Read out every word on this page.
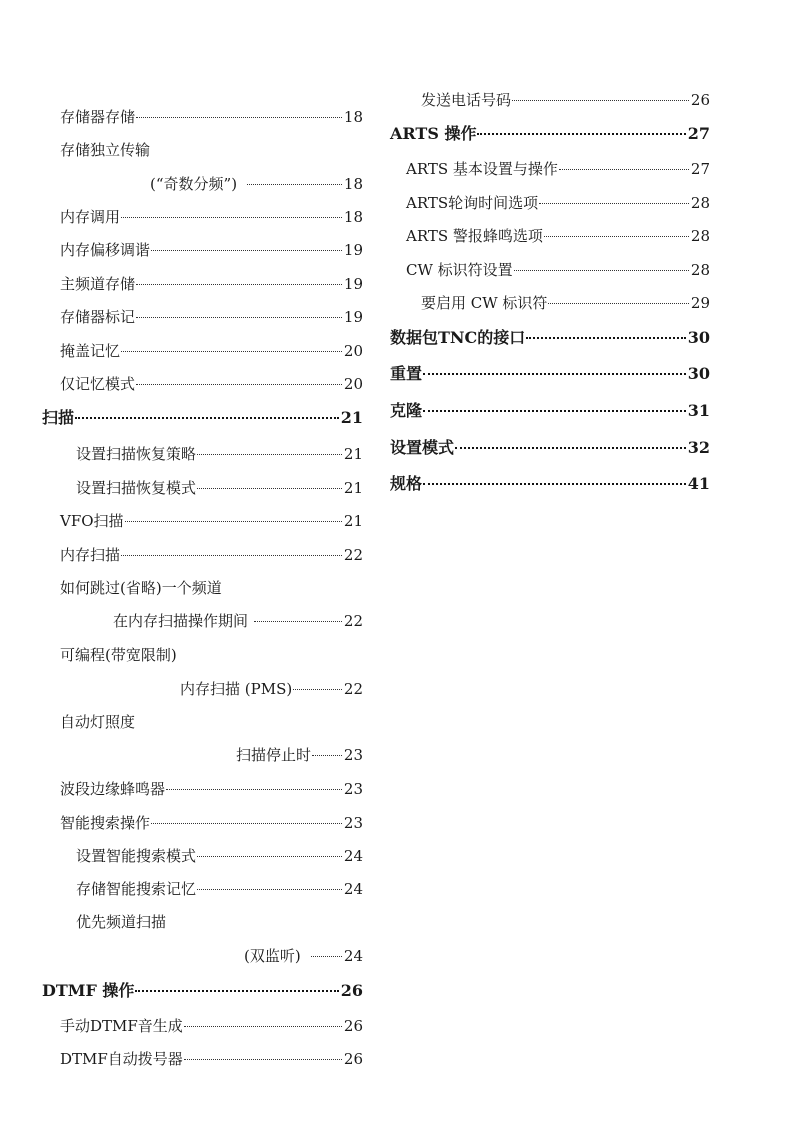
存储器存储	18
存储独立传输
(“奇数分频”)	18
内存调用	18
内存偏移调谐	19
主频道存储	19
存储器标记	19
掩盖记忆	20
仅记忆模式	20
扫描	21
设置扫描恢复策略	21
设置扫描恢复模式	21
VFO扫描	21
内存扫描	22
如何跳过(省略)一个频道
在内存扫描操作期间	22
可编程(带宽限制)
内存扫描 (PMS)	22
自动灯照度
扫描停止时 23
波段边缘蜂鸣器	23
智能搜索操作	23
设置智能搜索模式	24
存储智能搜索记忆	24
优先频道扫描
(双监听)	24
DTMF 操作	26
手动DTMF音生成	26
DTMF自动拨号器	26
发送电话号码	26
ARTS 操作	27
ARTS 基本设置与操作	27
ARTS轮询时间选项	28
ARTS 警报蜂鸣选项	28
CW 标识符设置	28
要启用 CW 标识符	29
数据包TNC的接口	30
重置	30
克隆	31
设置模式	32
规格	41
